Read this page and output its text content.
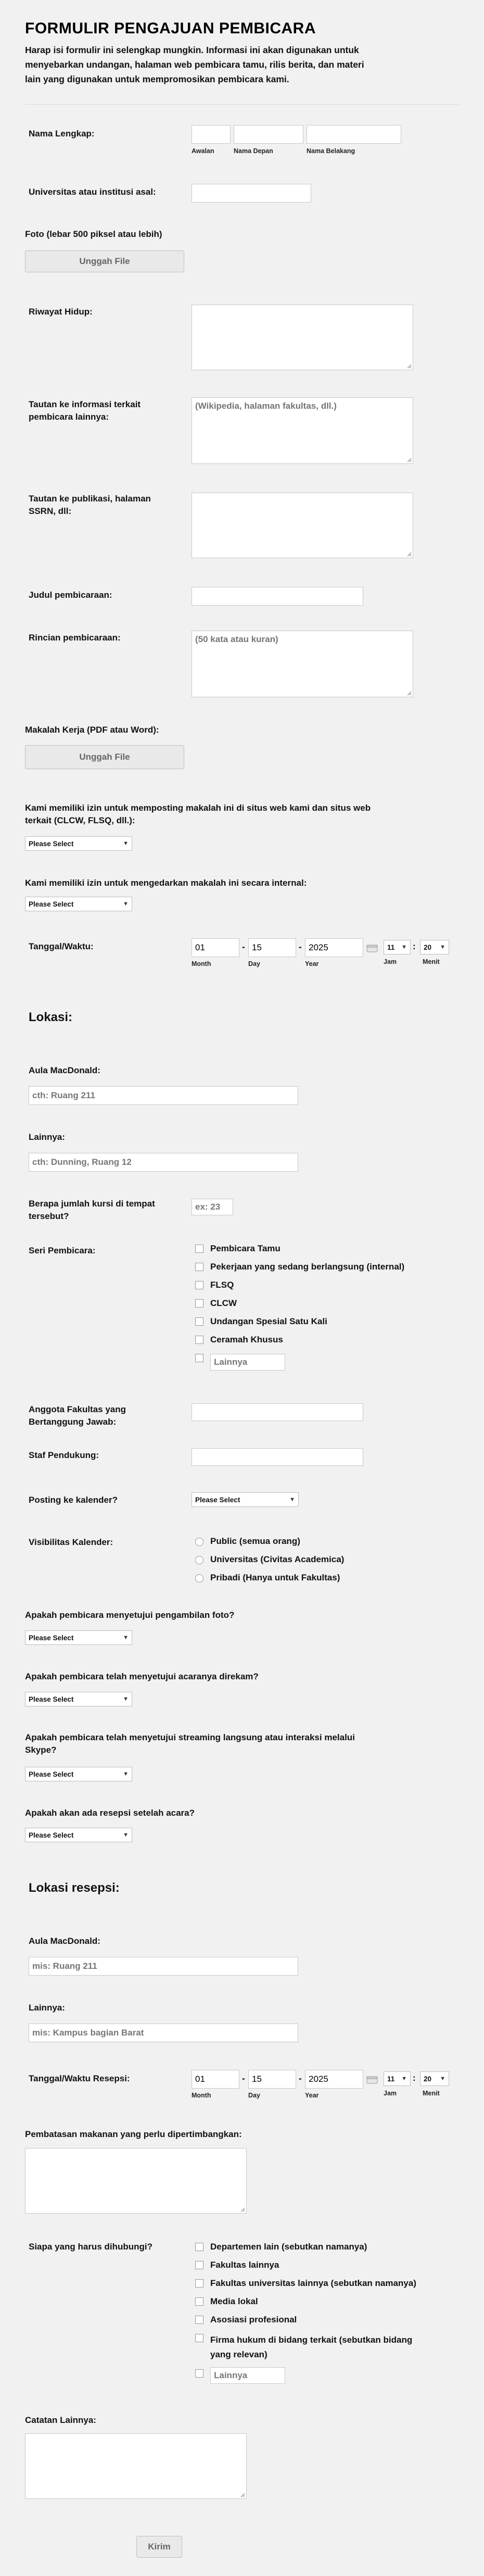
FORMULIR PENGAJUAN PEMBICARA
Harap isi formulir ini selengkap mungkin. Informasi ini akan digunakan untuk
menyebarkan undangan, halaman web pembicara tamu, rilis berita, dan materi
lain yang digunakan untuk mempromosikan pembicara kami.
Nama Lengkap:
Awalan	Nama Depan	Nama Belakang
Universitas atau institusi asal:
Foto (lebar 500 piksel atau lebih)
Unggah File
Riwayat Hidup:
Tautan ke informasi terkait
pembicara lainnya:
(Wikipedia, halaman fakultas, dll.)
Tautan ke publikasi, halaman
SSRN, dll:
Judul pembicaraan:
Rincian pembicaraan:
(50 kata atau kuran)
Makalah Kerja (PDF atau Word):
Unggah File
Kami memiliki izin untuk memposting makalah ini di situs web kami dan situs web
terkait (CLCW, FLSQ, dll.):
Please Select	▼
Kami memiliki izin untuk mengedarkan makalah ini secara internal:
Please Select	▼
Tanggal/Waktu:	01	- 15	- 2025	11 ▼ : 20 ▼
Month	Day	Year	Jam	Menit
Lokasi:
Aula MacDonald:
cth: Ruang 211
Lainnya:
cth: Dunning, Ruang 12
Berapa jumlah kursi di tempat
tersebut?
ex: 23
Seri Pembicara:	Pembicara Tamu
Pekerjaan yang sedang berlangsung (internal)
FLSQ
CLCW
Undangan Spesial Satu Kali
Ceramah Khusus
Lainnya
Anggota Fakultas yang
Bertanggung Jawab:
Staf Pendukung:
Posting ke kalender?	Please Select	▼
Visibilitas Kalender:	Public (semua orang)
Universitas (Civitas Academica)
Pribadi (Hanya untuk Fakultas)
Apakah pembicara menyetujui pengambilan foto?
Please Select	▼
Apakah pembicara telah menyetujui acaranya direkam?
Please Select	▼
Apakah pembicara telah menyetujui streaming langsung atau interaksi melalui
Skype?
Please Select	▼
Apakah akan ada resepsi setelah acara?
Please Select	▼
Lokasi resepsi:
Aula MacDonald:
mis: Ruang 211
Lainnya:
mis: Kampus bagian Barat
Tanggal/Waktu Resepsi:	01	- 15	- 2025	11 ▼ : 20 ▼
Month	Day	Year	Jam	Menit
Pembatasan makanan yang perlu dipertimbangkan:
Siapa yang harus dihubungi?	Departemen lain (sebutkan namanya)
Fakultas lainnya
Fakultas universitas lainnya (sebutkan namanya)
Media lokal
Asosiasi profesional
Firma hukum di bidang terkait (sebutkan bidang
yang relevan)
Lainnya
Catatan Lainnya:
Kirim
